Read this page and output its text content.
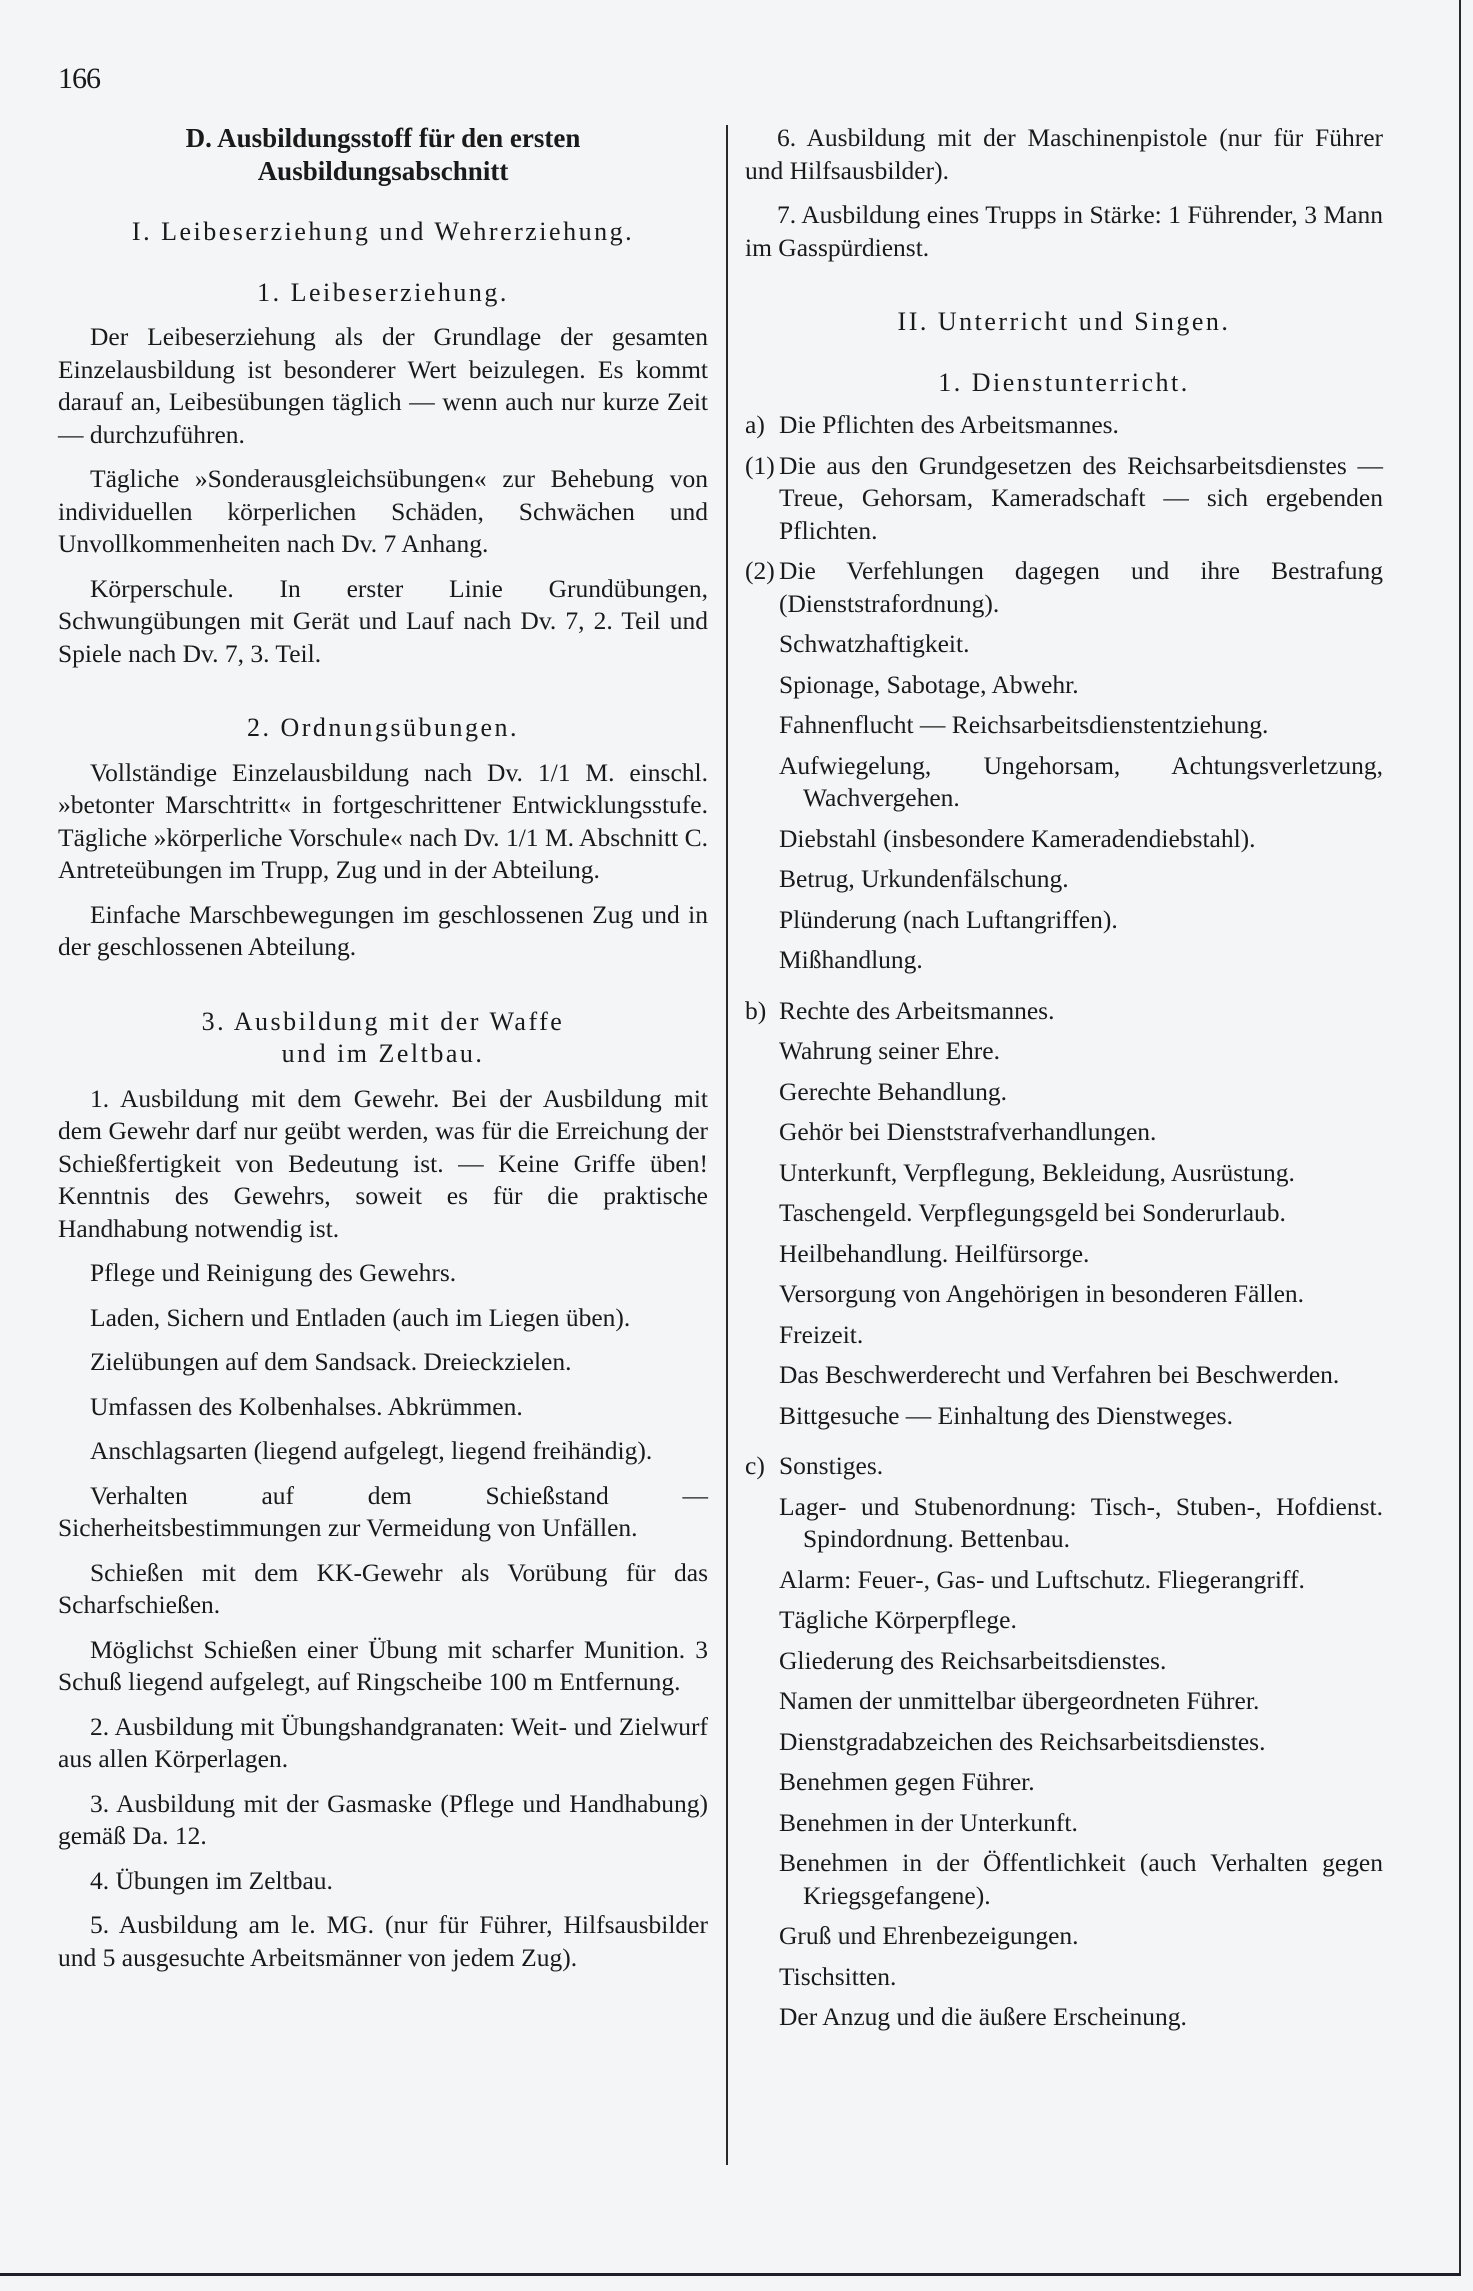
166

D. Ausbildungsstoff für den ersten

Ausbildungsabschnitt

I. Leibeserziehung und Wehrerziehung.

1. Leibeserziehung.

Der Leibeserziehung als der Grundlage der gesamten Einzelausbildung ist besonderer Wert beizulegen. Es kommt darauf an, Leibesübungen täglich — wenn auch nur kurze Zeit — durchzuführen.

Tägliche »Sonderausgleichsübungen« zur Behebung von individuellen körperlichen Schäden, Schwächen und Unvollkommenheiten nach Dv. 7 Anhang.

Körperschule. In erster Linie Grundübungen, Schwungübungen mit Gerät und Lauf nach Dv. 7, 2. Teil und Spiele nach Dv. 7, 3. Teil.

2. Ordnungsübungen.

Vollständige Einzelausbildung nach Dv. 1/1 M. einschl. »betonter Marschtritt« in fortgeschrittener Entwicklungsstufe. Tägliche »körperliche Vorschule« nach Dv. 1/1 M. Abschnitt C. Antreteübungen im Trupp, Zug und in der Abteilung.

Einfache Marschbewegungen im geschlossenen Zug und in der geschlossenen Abteilung.

3. Ausbildung mit der Waffe

und im Zeltbau.

1. Ausbildung mit dem Gewehr. Bei der Ausbildung mit dem Gewehr darf nur geübt werden, was für die Erreichung der Schießfertigkeit von Bedeutung ist. — Keine Griffe üben! Kenntnis des Gewehrs, soweit es für die praktische Handhabung notwendig ist.

Pflege und Reinigung des Gewehrs.

Laden, Sichern und Entladen (auch im Liegen üben).

Zielübungen auf dem Sandsack. Dreieckzielen.

Umfassen des Kolbenhalses. Abkrümmen.

Anschlagsarten (liegend aufgelegt, liegend freihändig).

Verhalten auf dem Schießstand — Sicherheitsbestimmungen zur Vermeidung von Unfällen.

Schießen mit dem KK-Gewehr als Vorübung für das Scharfschießen.

Möglichst Schießen einer Übung mit scharfer Munition. 3 Schuß liegend aufgelegt, auf Ringscheibe 100 m Entfernung.

2. Ausbildung mit Übungshandgranaten: Weit- und Zielwurf aus allen Körperlagen.

3. Ausbildung mit der Gasmaske (Pflege und Handhabung) gemäß Da. 12.

4. Übungen im Zeltbau.

5. Ausbildung am le. MG. (nur für Führer, Hilfsausbilder und 5 ausgesuchte Arbeitsmänner von jedem Zug).

6. Ausbildung mit der Maschinenpistole (nur für Führer und Hilfsausbilder).

7. Ausbildung eines Trupps in Stärke: 1 Führender, 3 Mann im Gasspürdienst.

II. Unterricht und Singen.

1. Dienstunterricht.

a) Die Pflichten des Arbeitsmannes.
(1) Die aus den Grundgesetzen des Reichsarbeitsdienstes — Treue, Gehorsam, Kameradschaft — sich ergebenden Pflichten.
(2) Die Verfehlungen dagegen und ihre Bestrafung (Dienststrafordnung).

Schwatzhaftigkeit.

Spionage, Sabotage, Abwehr.

Fahnenflucht — Reichsarbeitsdienstentziehung.

Aufwiegelung, Ungehorsam, Achtungsverletzung, Wachvergehen.

Diebstahl (insbesondere Kameradendiebstahl).

Betrug, Urkundenfälschung.

Plünderung (nach Luftangriffen).

Mißhandlung.

b) Rechte des Arbeitsmannes.

Wahrung seiner Ehre.

Gerechte Behandlung.

Gehör bei Dienststrafverhandlungen.

Unterkunft, Verpflegung, Bekleidung, Ausrüstung.

Taschengeld. Verpflegungsgeld bei Sonderurlaub.

Heilbehandlung. Heilfürsorge.

Versorgung von Angehörigen in besonderen Fällen.

Freizeit.

Das Beschwerderecht und Verfahren bei Beschwerden.

Bittgesuche — Einhaltung des Dienstweges.

c) Sonstiges.

Lager- und Stubenordnung: Tisch-, Stuben-, Hofdienst. Spindordnung. Bettenbau.

Alarm: Feuer-, Gas- und Luftschutz. Fliegerangriff.

Tägliche Körperpflege.

Gliederung des Reichsarbeitsdienstes.

Namen der unmittelbar übergeordneten Führer.

Dienstgradabzeichen des Reichsarbeitsdienstes.

Benehmen gegen Führer.

Benehmen in der Unterkunft.

Benehmen in der Öffentlichkeit (auch Verhalten gegen Kriegsgefangene).

Gruß und Ehrenbezeigungen.

Tischsitten.

Der Anzug und die äußere Erscheinung.
